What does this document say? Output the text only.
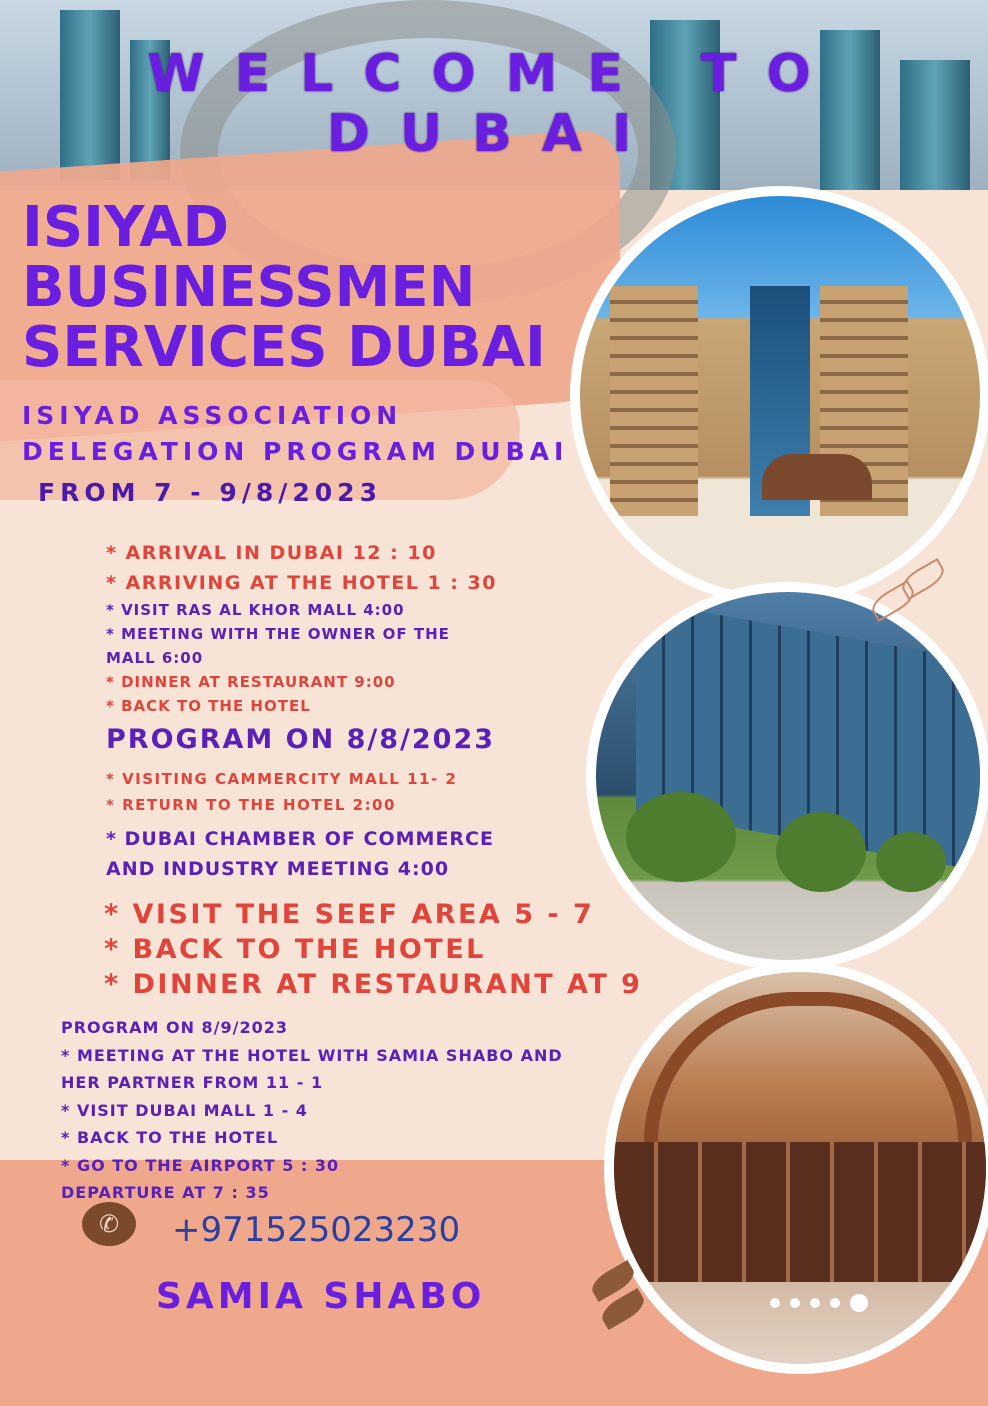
WELCOME TO DUBAI
ISIYAD
BUSINESSMEN
SERVICES DUBAI
ISIYAD ASSOCIATION
DELEGATION PROGRAM DUBAI
FROM 7 - 9/8/2023
* ARRIVAL IN DUBAI 12 : 10
* ARRIVING AT THE HOTEL 1 : 30
* VISIT RAS AL KHOR MALL 4:00
* MEETING WITH THE OWNER OF THE
MALL 6:00
* DINNER AT RESTAURANT 9:00
* BACK TO THE HOTEL
PROGRAM ON 8/8/2023
* VISITING CAMMERCITY MALL 11- 2
* RETURN TO THE HOTEL 2:00
* DUBAI CHAMBER OF COMMERCE
AND INDUSTRY MEETING 4:00
* VISIT THE SEEF AREA 5 - 7
* BACK TO THE HOTEL
* DINNER AT RESTAURANT AT 9
PROGRAM ON 8/9/2023
* MEETING AT THE HOTEL WITH SAMIA SHABO AND
HER PARTNER FROM 11 - 1
* VISIT DUBAI MALL 1 - 4
* BACK TO THE HOTEL
* GO TO THE AIRPORT 5 : 30
DEPARTURE AT 7 : 35
✆	+971525023230
SAMIA SHABO
